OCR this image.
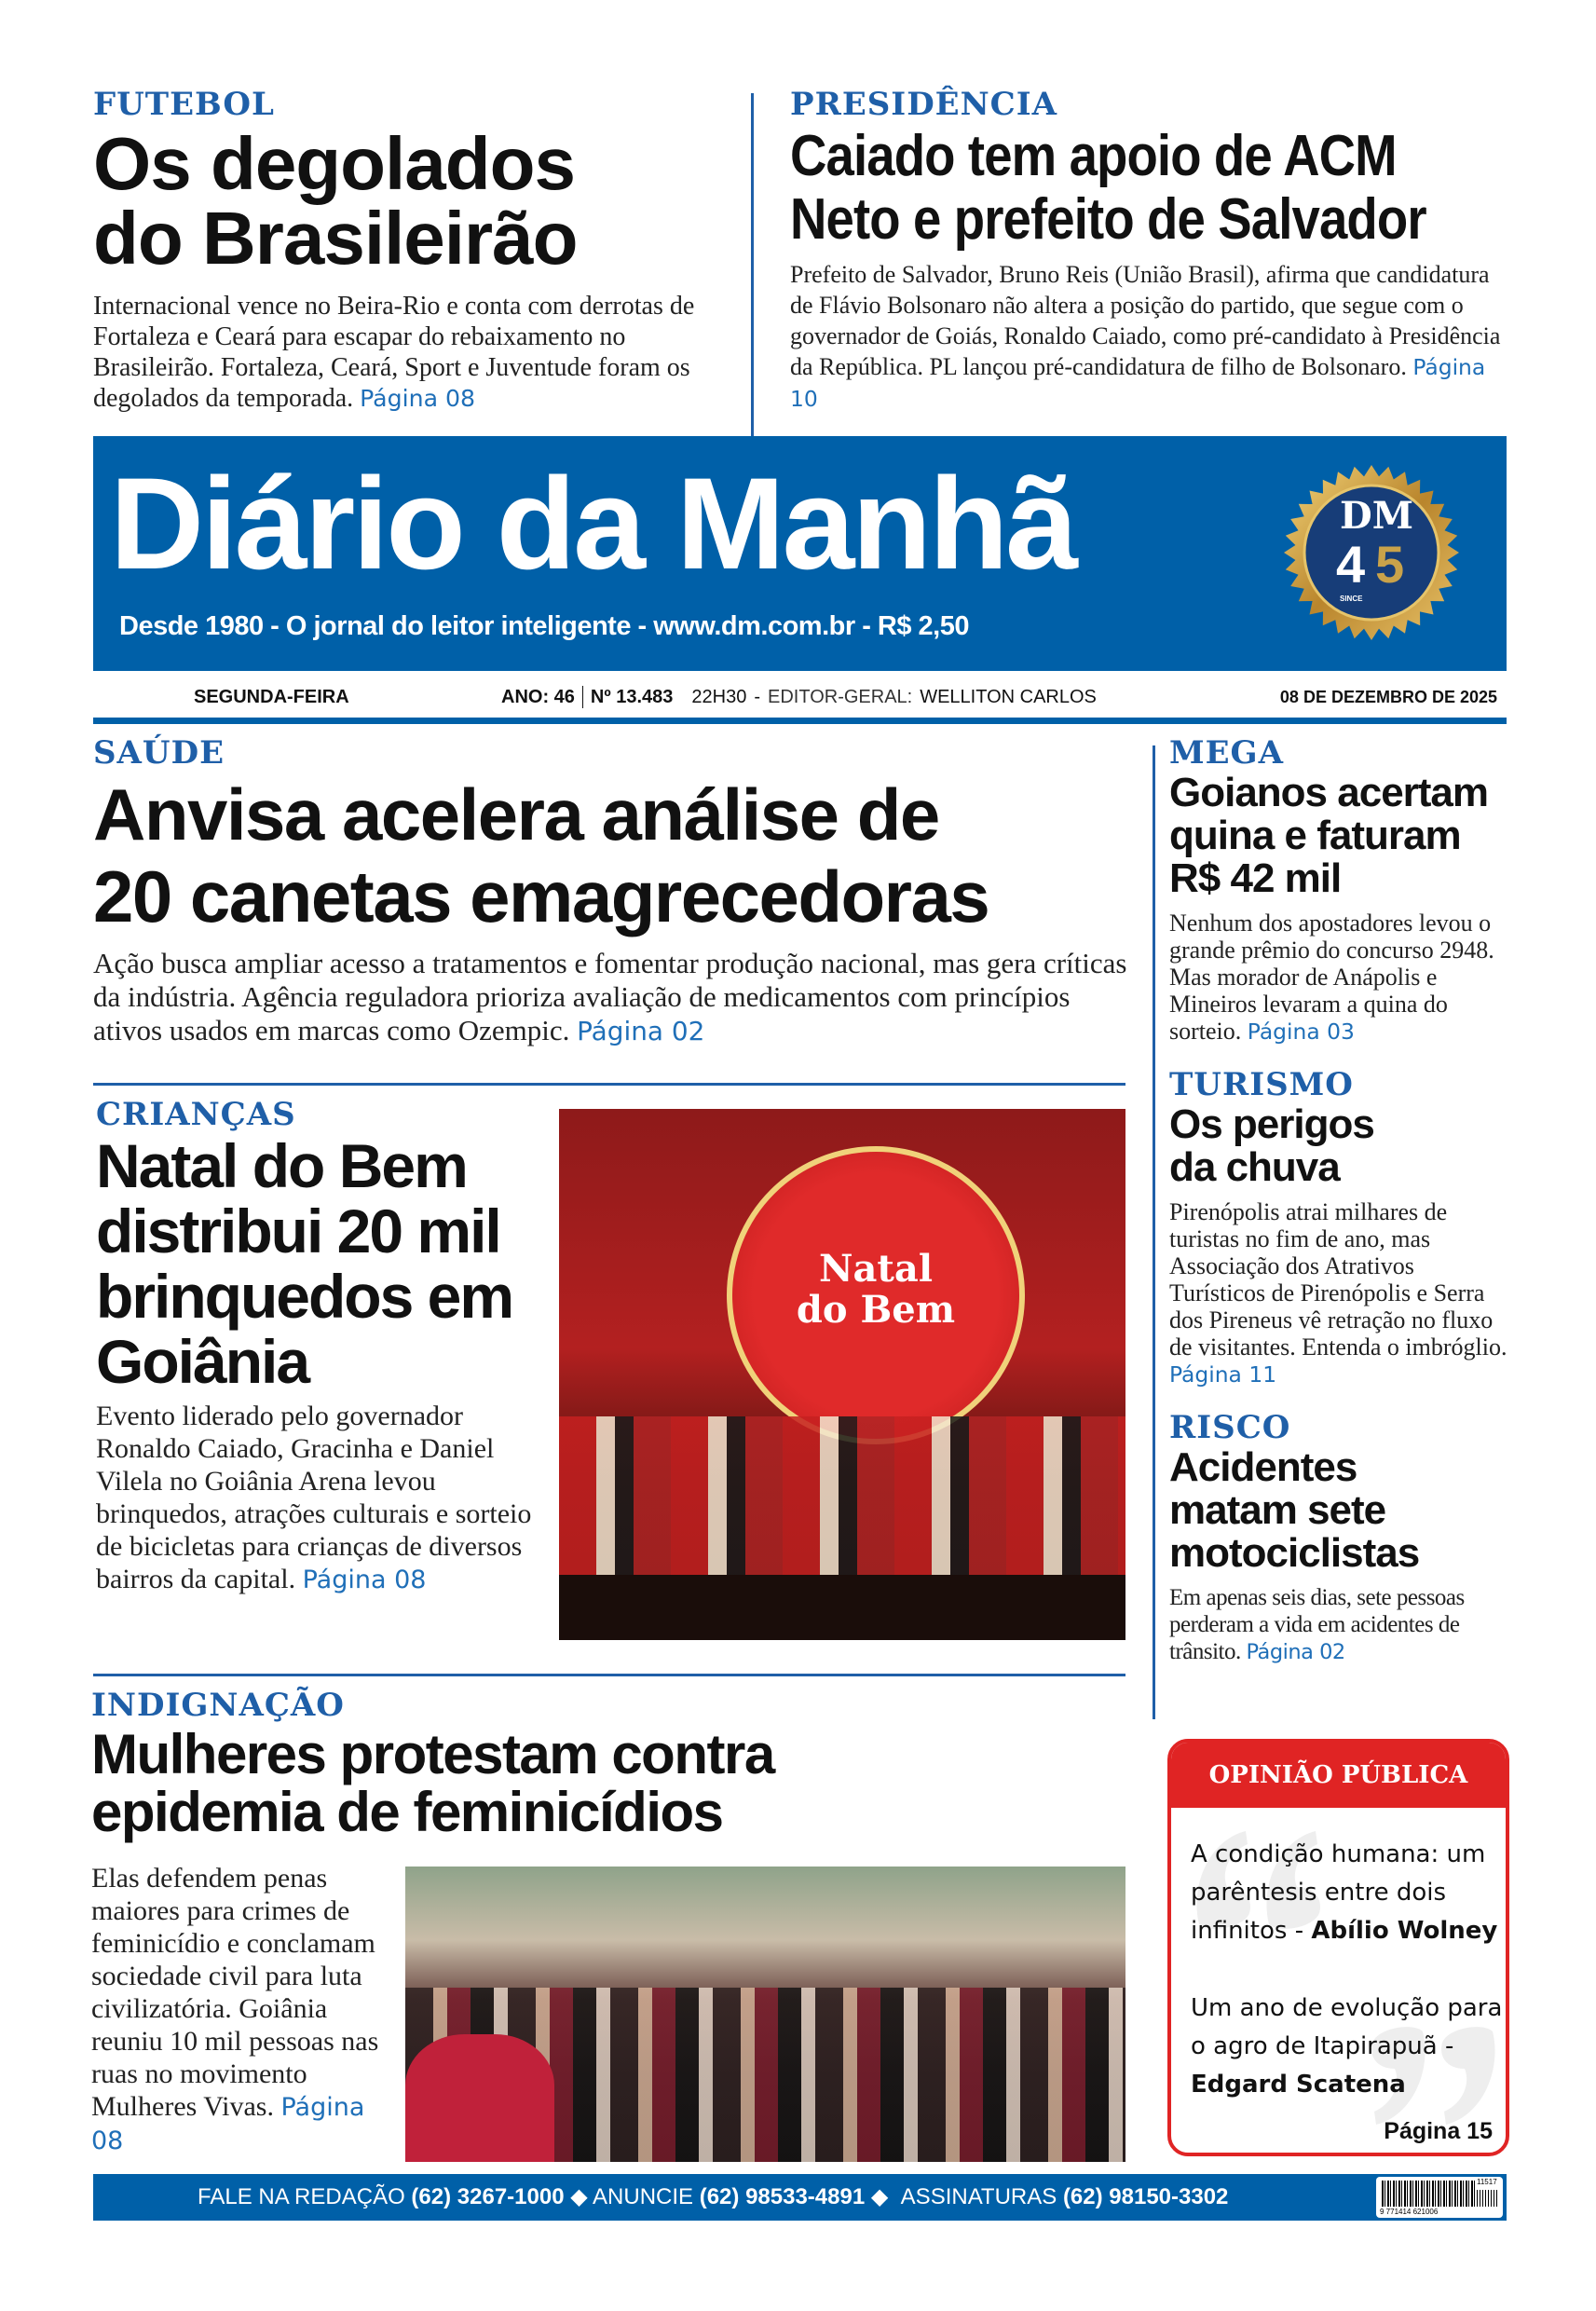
FUTEBOL
Os degolados
do Brasileirão
Internacional vence no Beira-Rio e conta com derrotas de Fortaleza e Ceará para escapar do rebaixamento no Brasileirão. Fortaleza, Ceará, Sport e Juventude foram os degolados da temporada. Página 08
PRESIDÊNCIA
Caiado tem apoio de ACM
Neto e prefeito de Salvador
Prefeito de Salvador, Bruno Reis (União Brasil), afirma que candidatura de Flávio Bolsonaro não altera a posição do partido, que segue com o governador de Goiás, Ronaldo Caiado, como pré-candidato à Presidência da República. PL lançou pré-candidatura de filho de Bolsonaro. Página 10
Diário da Manhã
Desde 1980 - O jornal do leitor inteligente - www.dm.com.br - R$ 2,50
DM
4 5
SINCE
SEGUNDA-FEIRA	ANO: 46 Nº 13.483 22H30 - EDITOR-GERAL: WELLITON CARLOS	08 DE DEZEMBRO DE 2025
SAÚDE
Anvisa acelera análise de
20 canetas emagrecedoras
Ação busca ampliar acesso a tratamentos e fomentar produção nacional, mas gera críticas da indústria. Agência reguladora prioriza avaliação de medicamentos com princípios ativos usados em marcas como Ozempic. Página 02
CRIANÇAS
Natal do Bem distribui 20 mil brinquedos em Goiânia
Evento liderado pelo governador Ronaldo Caiado, Gracinha e Daniel Vilela no Goiânia Arena levou brinquedos, atrações culturais e sorteio de bicicletas para crianças de diversos bairros da capital. Página 08
Natal do Bem
INDIGNAÇÃO
Mulheres protestam contra
epidemia de feminicídios
Elas defendem penas maiores para crimes de feminicídio e conclamam sociedade civil para luta civilizatória. Goiânia reuniu 10 mil pessoas nas ruas no movimento Mulheres Vivas. Página 08
MEGA
Goianos acertam quina e faturam R$ 42 mil
Nenhum dos apostadores levou o grande prêmio do concurso 2948. Mas morador de Anápolis e Mineiros levaram a quina do sorteio. Página 03
TURISMO
Os perigos da chuva
Pirenópolis atrai milhares de turistas no fim de ano, mas Associação dos Atrativos Turísticos de Pirenópolis e Serra dos Pireneus vê retração no fluxo de visitantes. Entenda o imbróglio. Página 11
RISCO
Acidentes matam sete motociclistas
Em apenas seis dias, sete pessoas perderam a vida em acidentes de trânsito. Página 02
OPINIÃO PÚBLICA
A condição humana: um parêntesis entre dois infinitos - Abílio Wolney
Um ano de evolução para o agro de Itapirapuã - Edgard Scatena
Página 15
FALE NA REDAÇÃO (62) 3267-1000 ◆ ANUNCIE (62) 98533-4891 ◆ ASSINATURAS (62) 98150-3302
11517
9 771414 621006
